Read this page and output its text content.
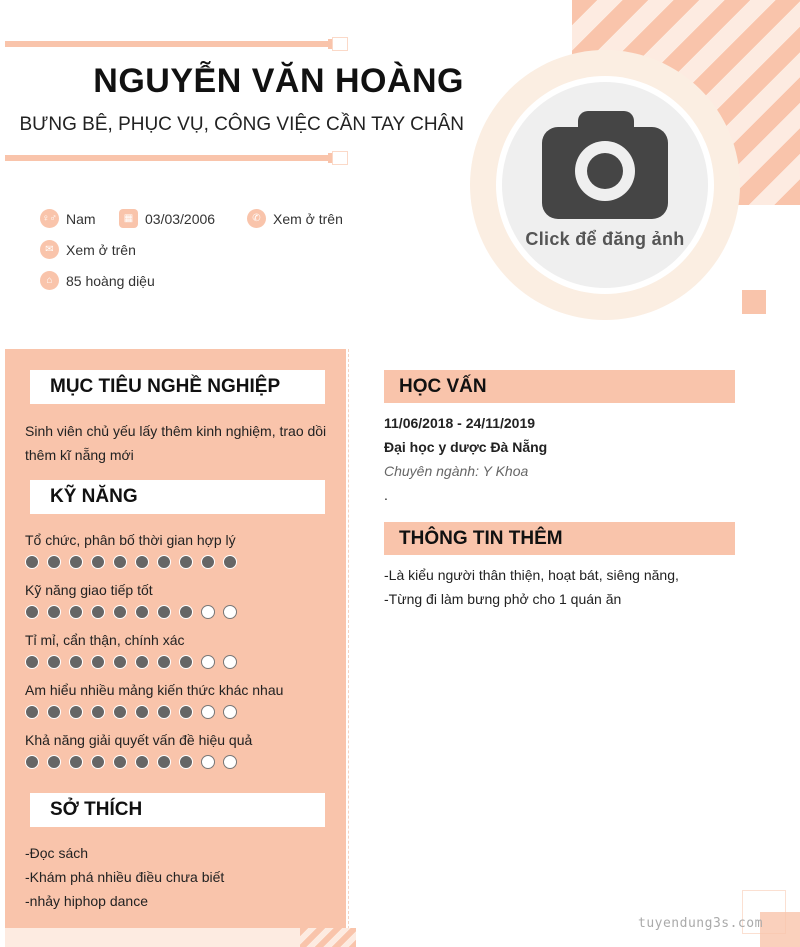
Click để đăng ảnh
NGUYỄN VĂN HOÀNG
BƯNG BÊ, PHỤC VỤ, CÔNG VIỆC CẦN TAY CHÂN
♀♂ Nam	▦ 03/03/2006	✆ Xem ở trên
✉ Xem ở trên
⌂ 85 hoàng diệu
MỤC TIÊU NGHỀ NGHIỆP
Sinh viên chủ yếu lấy thêm kinh nghiệm, trao dồi thêm kĩ nẵng mới
KỸ NĂNG
Tổ chức, phân bố thời gian hợp lý
Kỹ năng giao tiếp tốt
Tỉ mỉ, cẩn thận, chính xác
Am hiểu nhiều mảng kiến thức khác nhau
Khả năng giải quyết vấn đề hiệu quả
SỞ THÍCH
-Đọc sách
-Khám phá nhiều điều chưa biết
-nhảy hiphop dance
HỌC VẤN
11/06/2018 - 24/11/2019
Đại học y dược Đà Nẵng
Chuyên ngành: Y Khoa
.
THÔNG TIN THÊM
-Là kiểu người thân thiện, hoạt bát, siêng năng,
-Từng đi làm bưng phở cho 1 quán ăn
tuyendung3s.com
